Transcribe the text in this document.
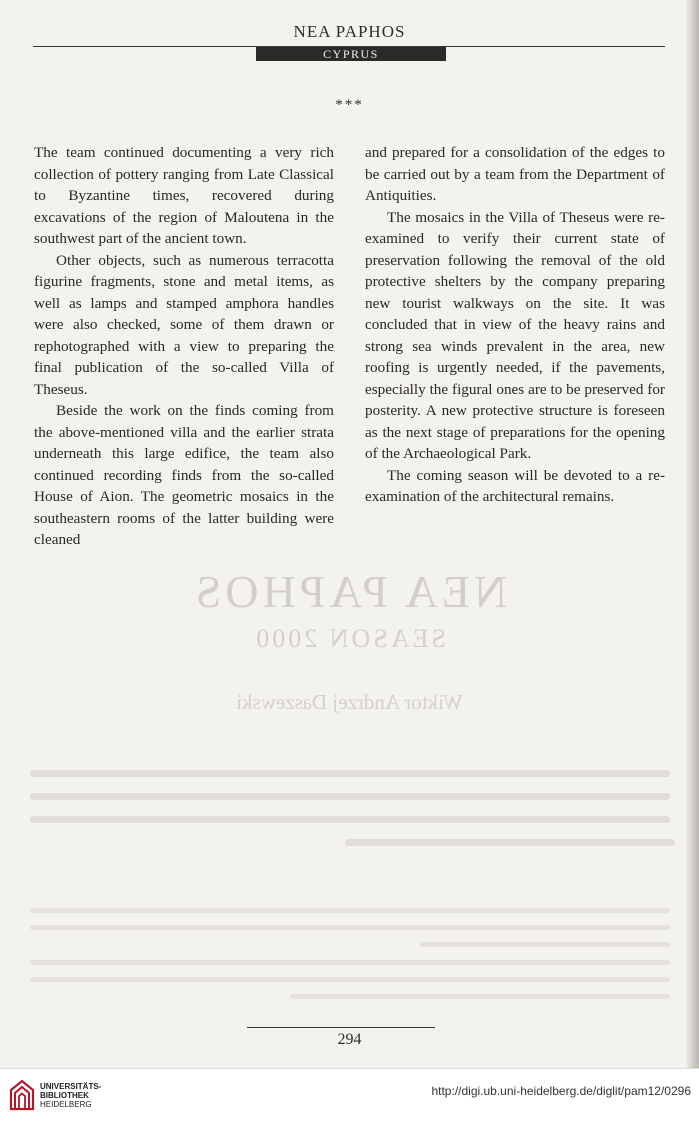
NEA PAPHOS
CYPRUS
***

The team continued documenting a very rich collection of pottery ranging from Late Classical to Byzantine times, recovered during excavations of the region of Maloutena in the southwest part of the ancient town.

Other objects, such as numerous terracotta figurine fragments, stone and metal items, as well as lamps and stamped amphora handles were also checked, some of them drawn or rephotographed with a view to preparing the final publication of the so-called Villa of Theseus.

Beside the work on the finds coming from the above-mentioned villa and the earlier strata underneath this large edifice, the team also continued recording finds from the so-called House of Aion. The geometric mosaics in the southeastern rooms of the latter building were cleaned

and prepared for a consolidation of the edges to be carried out by a team from the Department of Antiquities.

The mosaics in the Villa of Theseus were re-examined to verify their current state of preservation following the removal of the old protective shelters by the company preparing new tourist walkways on the site. It was concluded that in view of the heavy rains and strong sea winds prevalent in the area, new roofing is urgently needed, if the pavements, especially the figural ones are to be preserved for posterity. A new protective structure is foreseen as the next stage of preparations for the opening of the Archaeological Park.

The coming season will be devoted to a re-examination of the architectural remains.

NEA PAPHOS
SEASON 2000
Wiktor Andrzej Daszewski
294
UNIVERSITÄTS-
BIBLIOTHEK
HEIDELBERG
http://digi.ub.uni-heidelberg.de/diglit/pam12/0296
